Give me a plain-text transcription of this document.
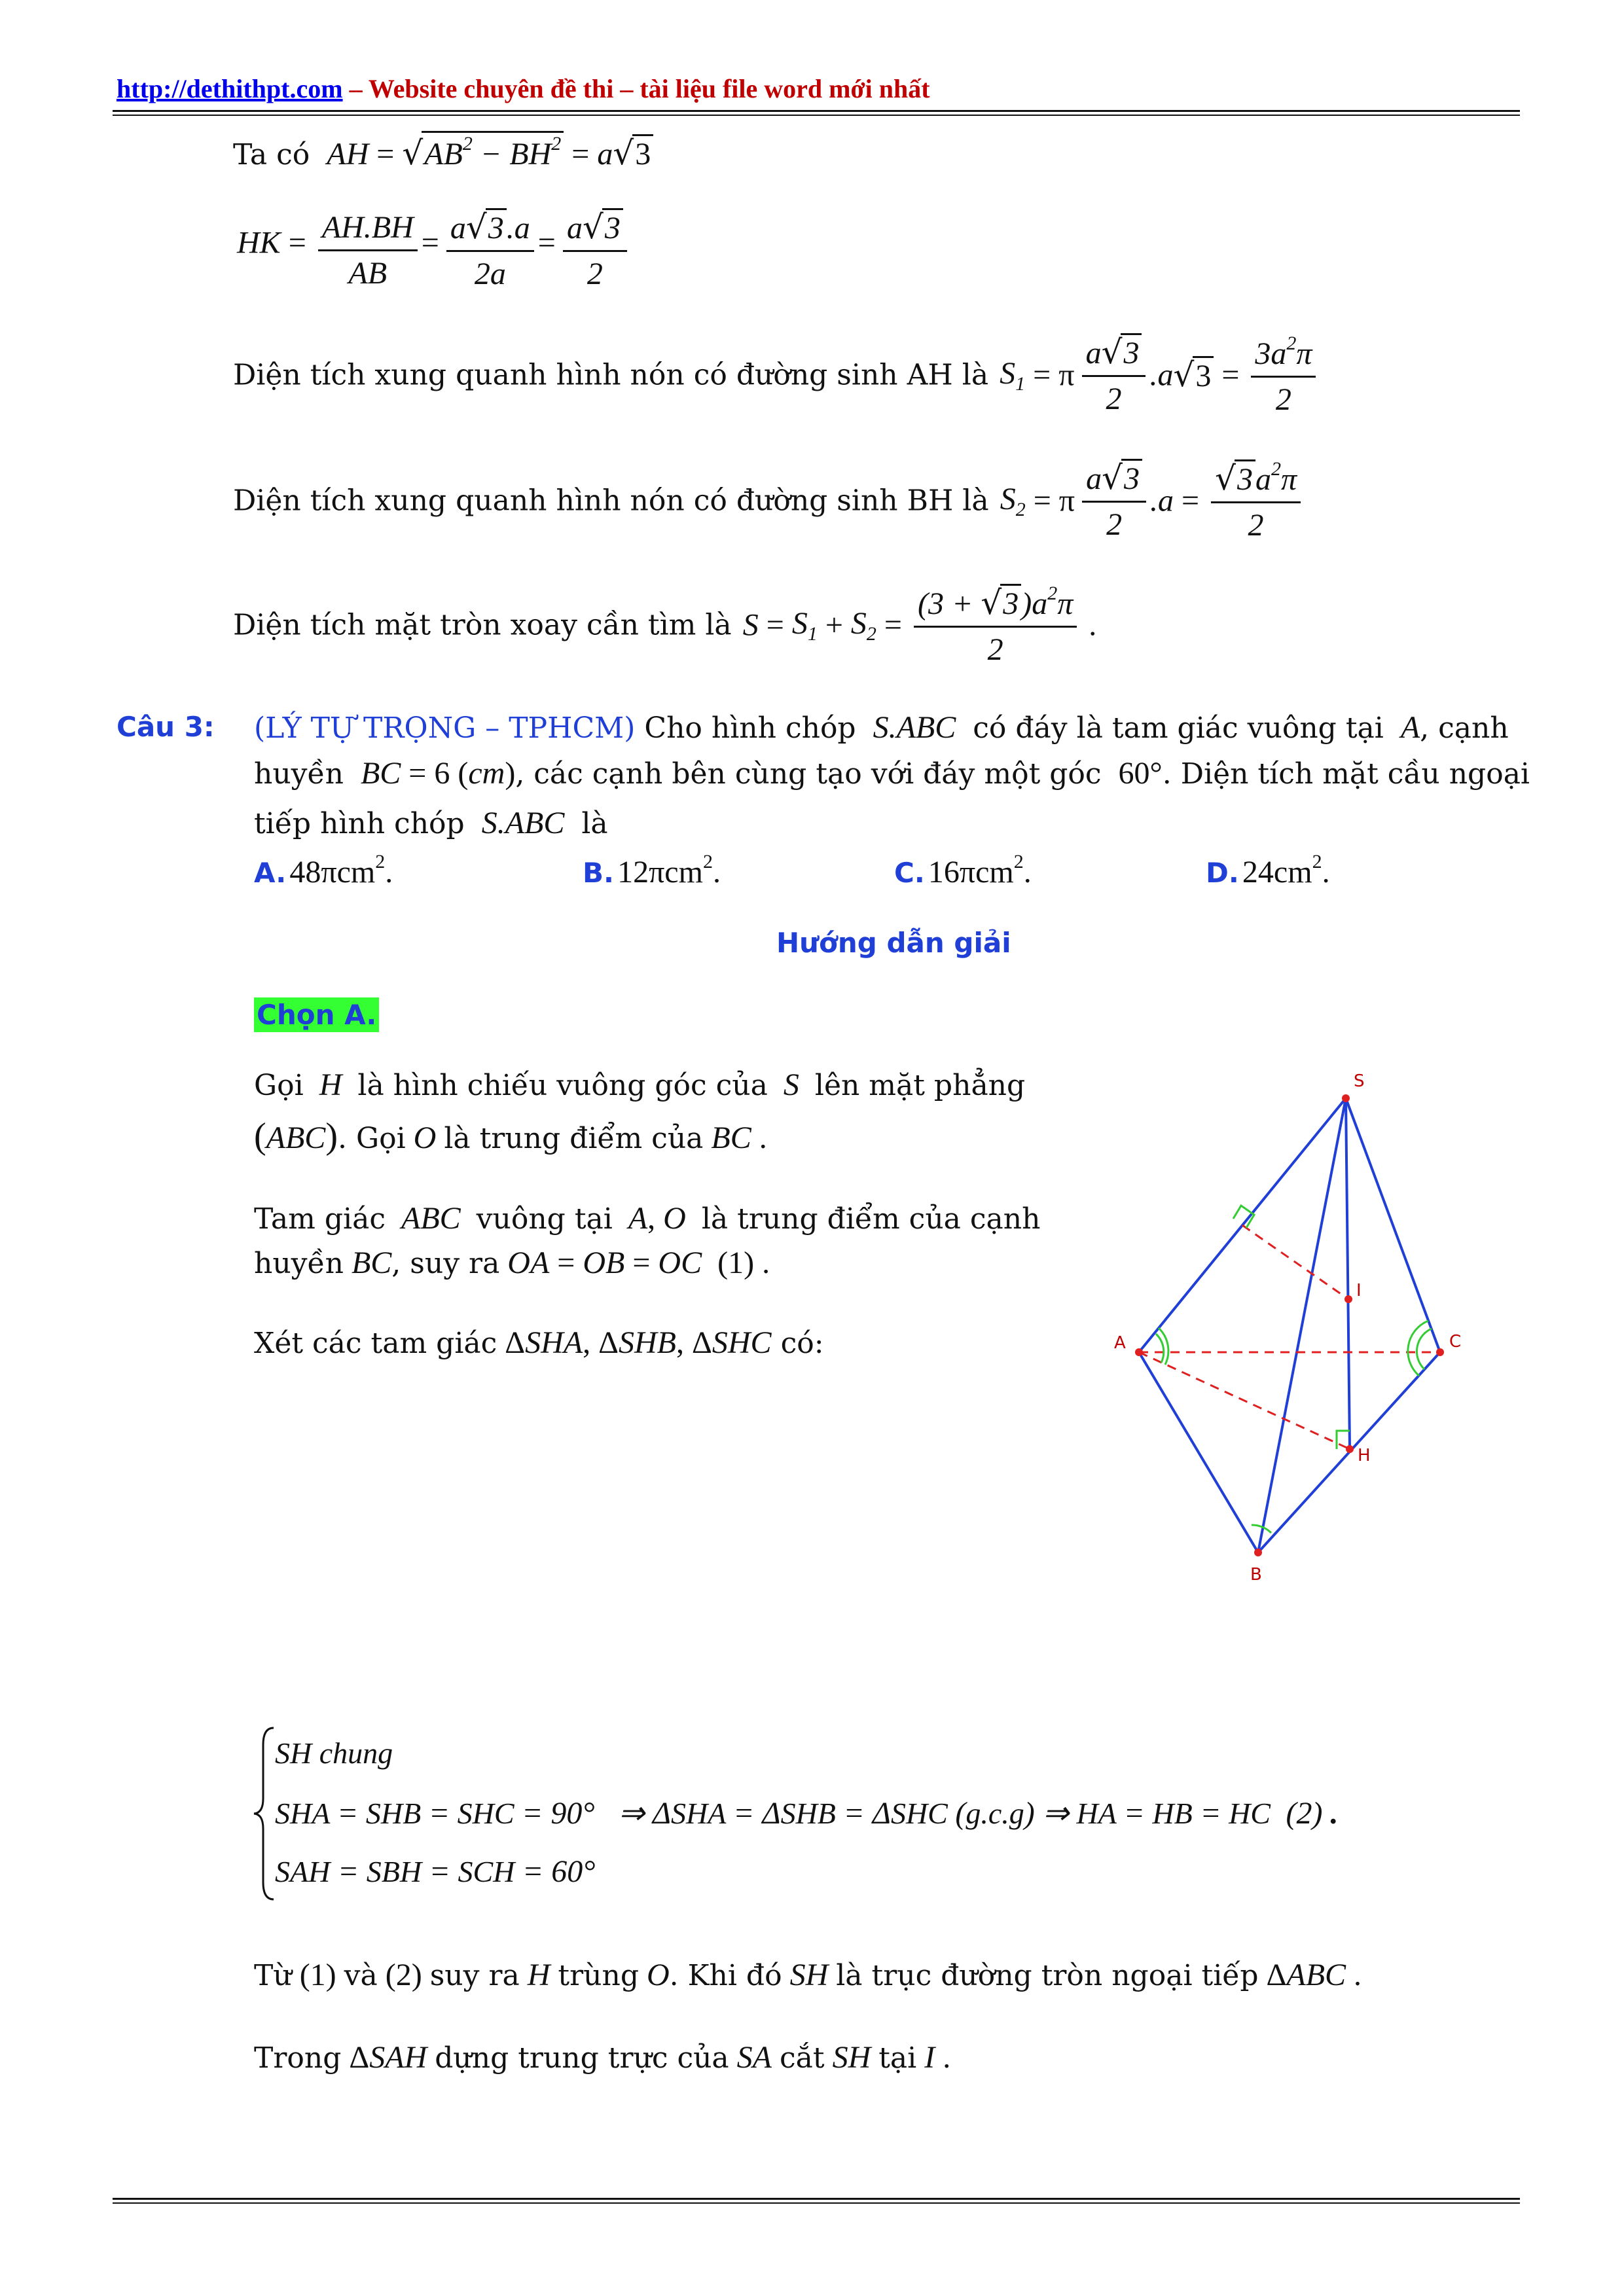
http://dethithpt.com – Website chuyên đề thi – tài liệu file word mới nhất
Ta có  AH = $√AB^2 - BH^2 = a√3$
HK = $\frac{AH.BH}{AB} = \frac{a√3.a}{2a} = \frac{a√3}{2}$
Diện tích xung quanh hình nón có đường sinh AH là  $S_1 = \pi \frac{a√3}{2} .a√3 = \frac{3a^2\pi}{2}$
Diện tích xung quanh hình nón có đường sinh BH là  $S_2 = \pi \frac{a√3}{2} .a = \frac{√3a^2\pi}{2}$
Diện tích mặt tròn xoay cần tìm là  $S = S_1 + S_2 = \frac{(3 + √3)a^2\pi}{2}$ .
Câu 3: (LÝ TỰ TRỌNG – TPHCM) Cho hình chóp  S.ABC  có đáy là tam giác vuông tại  A, cạnh
huyền  BC = 6 (cm), các cạnh bên cùng tạo với đáy một góc  60°. Diện tích mặt cầu ngoại
tiếp hình chóp  S.ABC  là
A. 48πcm$^2$.	B. 12πcm$^2$.	C. 16πcm$^2$.	D. $24cm^2$.
Hướng dẫn giải
Chọn A.
Gọi  H  là hình chiếu vuông góc của  S  lên mặt phẳng
(ABC). Gọi O là trung điểm của BC .
Tam giác  ABC  vuông tại  A, O  là trung điểm của cạnh
huyền BC, suy ra OA = OB = OC  (1) .
Xét các tam giác ΔSHA, ΔSHB, ΔSHC có:
S
A	C
B
H
I
SH chung
SHA = SHB = SHC = 90°   ⇒ ΔSHA = ΔSHB = ΔSHC (g.c.g) ⇒ HA = HB = HC  (2) .
SAH = SBH = SCH = 60°
Từ (1) và (2) suy ra H trùng O. Khi đó SH là trục đường tròn ngoại tiếp ΔABC .
Trong ΔSAH dựng trung trực của SA cắt SH tại I .
